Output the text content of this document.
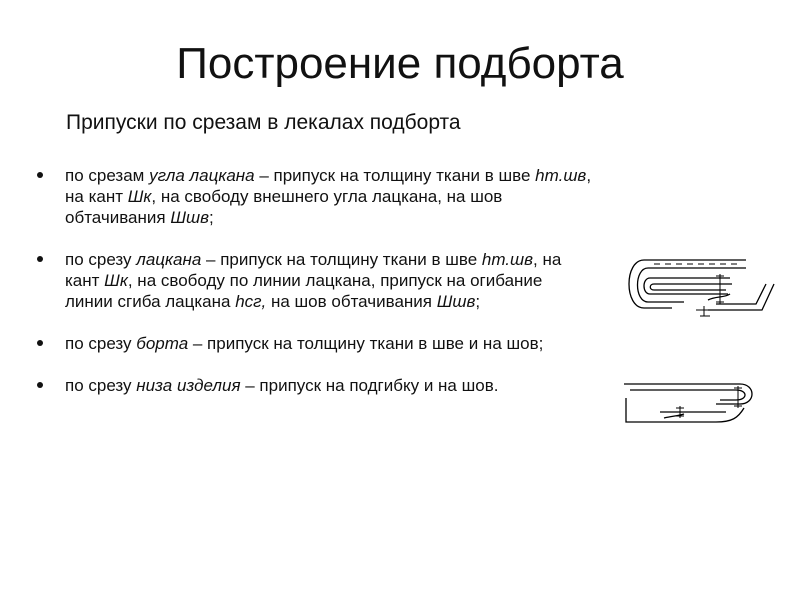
Построение подборта
Припуски по срезам в лекалах подборта
по срезам угла лацкана – припуск на толщину ткани в шве hт.шв, на кант Шк, на свободу внешнего угла лацкана, на шов обтачивания Шшв;
по срезу лацкана – припуск на толщину ткани в шве hт.шв, на кант Шк, на свободу по линии лацкана, припуск на огибание линии сгиба лацкана hсг, на шов обтачивания Шшв;
по срезу борта – припуск на толщину ткани в шве и на шов;
по срезу низа изделия – припуск на подгибку и на шов.
